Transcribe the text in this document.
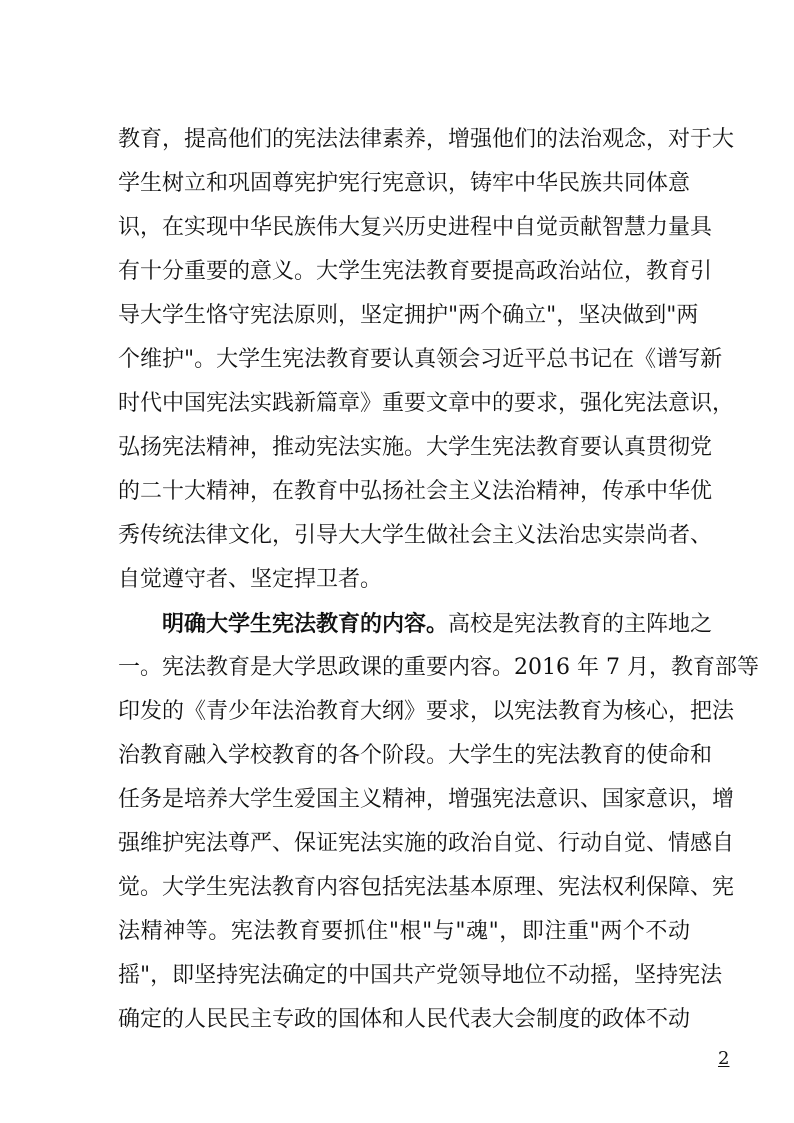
教育，提高他们的宪法法律素养，增强他们的法治观念，对于大
学生树立和巩固尊宪护宪行宪意识，铸牢中华民族共同体意
识，在实现中华民族伟大复兴历史进程中自觉贡献智慧力量具
有十分重要的意义。大学生宪法教育要提高政治站位，教育引
导大学生恪守宪法原则，坚定拥护"两个确立"，坚决做到"两
个维护"。大学生宪法教育要认真领会习近平总书记在《谱写新
时代中国宪法实践新篇章》重要文章中的要求，强化宪法意识，
弘扬宪法精神，推动宪法实施。大学生宪法教育要认真贯彻党
的二十大精神，在教育中弘扬社会主义法治精神，传承中华优
秀传统法律文化，引导大大学生做社会主义法治忠实崇尚者、
自觉遵守者、坚定捍卫者。
明确大学生宪法教育的内容。高校是宪法教育的主阵地之
一。宪法教育是大学思政课的重要内容。2016 年 7 月，教育部等
印发的《青少年法治教育大纲》要求，以宪法教育为核心，把法
治教育融入学校教育的各个阶段。大学生的宪法教育的使命和
任务是培养大学生爱国主义精神，增强宪法意识、国家意识，增
强维护宪法尊严、保证宪法实施的政治自觉、行动自觉、情感自
觉。大学生宪法教育内容包括宪法基本原理、宪法权利保障、宪
法精神等。宪法教育要抓住"根"与"魂"，即注重"两个不动
摇"，即坚持宪法确定的中国共产党领导地位不动摇，坚持宪法
确定的人民民主专政的国体和人民代表大会制度的政体不动
2
